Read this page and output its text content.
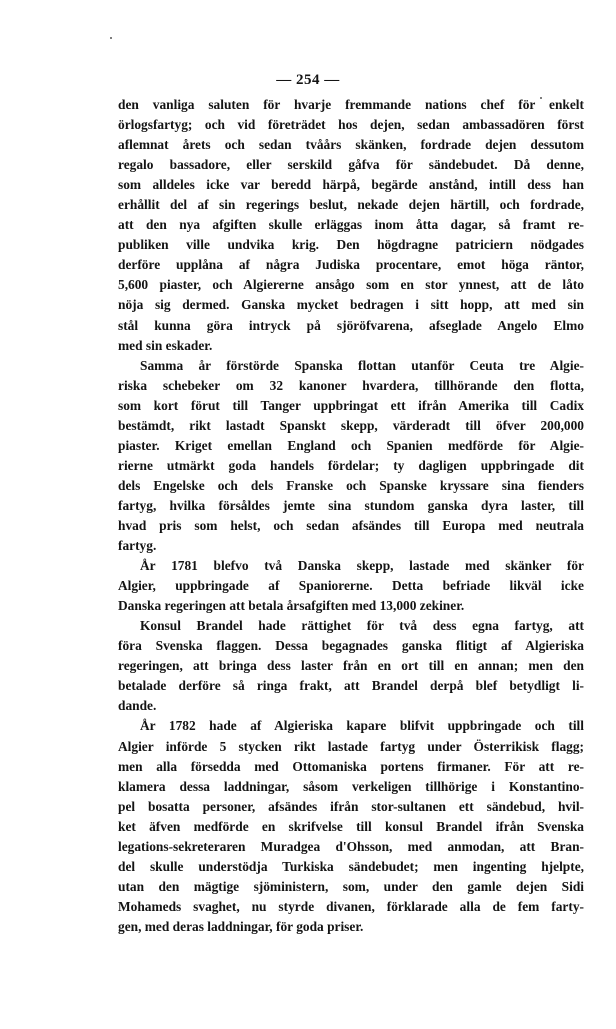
— 254 —
den vanliga saluten för hvarje fremmande nations chef för enkelt
örlogsfartyg; och vid företrädet hos dejen, sedan ambassadören först
aflemnat årets och sedan tvåårs skänken, fordrade dejen dessutom
regalo bassadore, eller serskild gåfva för sändebudet. Då denne,
som alldeles icke var beredd härpå, begärde anstånd, intill dess han
erhållit del af sin regerings beslut, nekade dejen härtill, och fordrade,
att den nya afgiften skulle erläggas inom åtta dagar, så framt re-
publiken ville undvika krig. Den högdragne patriciern nödgades
derföre upplåna af några Judiska procentare, emot höga räntor,
5,600 piaster, och Algiererne ansågo som en stor ynnest, att de låto
nöja sig dermed. Ganska mycket bedragen i sitt hopp, att med sin
stål kunna göra intryck på sjöröfvarena, afseglade Angelo Elmo
med sin eskader.
Samma år förstörde Spanska flottan utanför Ceuta tre Algie-
riska schebeker om 32 kanoner hvardera, tillhörande den flotta,
som kort förut till Tanger uppbringat ett ifrån Amerika till Cadix
bestämdt, rikt lastadt Spanskt skepp, värderadt till öfver 200,000
piaster. Kriget emellan England och Spanien medförde för Algie-
rierne utmärkt goda handels fördelar; ty dagligen uppbringade dit
dels Engelske och dels Franske och Spanske kryssare sina fienders
fartyg, hvilka försåldes jemte sina stundom ganska dyra laster, till
hvad pris som helst, och sedan afsändes till Europa med neutrala
fartyg.
År 1781 blefvo två Danska skepp, lastade med skänker för
Algier, uppbringade af Spaniorerne. Detta befriade likväl icke
Danska regeringen att betala årsafgiften med 13,000 zekiner.
Konsul Brandel hade rättighet för två dess egna fartyg, att
föra Svenska flaggen. Dessa begagnades ganska flitigt af Algieriska
regeringen, att bringa dess laster från en ort till en annan; men den
betalade derföre så ringa frakt, att Brandel derpå blef betydligt li-
dande.
År 1782 hade af Algieriska kapare blifvit uppbringade och till
Algier införde 5 stycken rikt lastade fartyg under Österrikisk flagg;
men alla försedda med Ottomaniska portens firmaner. För att re-
klamera dessa laddningar, såsom verkeligen tillhörige i Konstantino-
pel bosatta personer, afsändes ifrån stor-sultanen ett sändebud, hvil-
ket äfven medförde en skrifvelse till konsul Brandel ifrån Svenska
legations-sekreteraren Muradgea d'Ohsson, med anmodan, att Bran-
del skulle understödja Turkiska sändebudet; men ingenting hjelpte,
utan den mägtige sjöministern, som, under den gamle dejen Sidi
Mohameds svaghet, nu styrde divanen, förklarade alla de fem farty-
gen, med deras laddningar, för goda priser.
